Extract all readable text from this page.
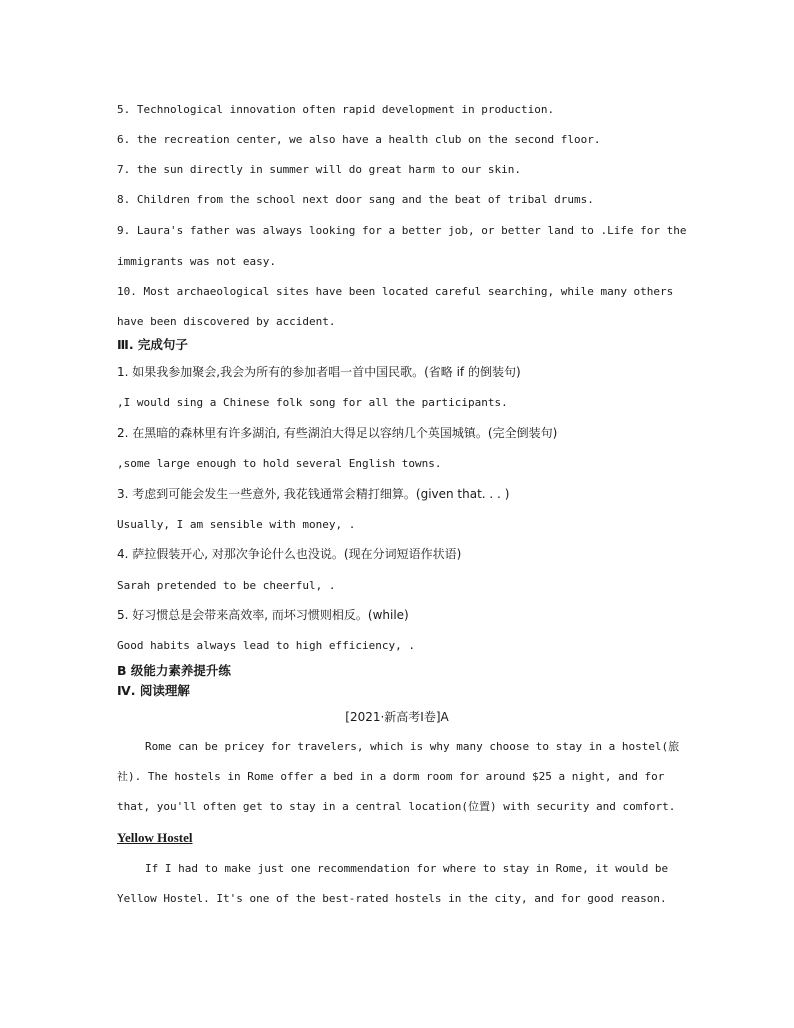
5. Technological innovation often rapid development in production.
6. the recreation center, we also have a health club on the second floor.
7. the sun directly in summer will do great harm to our skin.
8. Children from the school next door sang and the beat of tribal drums.
9. Laura's father was always looking for a better job, or better land to .Life for the
immigrants was not easy.
10. Most archaeological sites have been located careful searching, while many others
have been discovered by accident.
Ⅲ. 完成句子
1. 如果我参加聚会,我会为所有的参加者唱一首中国民歌。(省略 if 的倒装句)
,I would sing a Chinese folk song for all the participants.
2. 在黑暗的森林里有许多湖泊, 有些湖泊大得足以容纳几个英国城镇。(完全倒装句)
,some large enough to hold several English towns.
3. 考虑到可能会发生一些意外, 我花钱通常会精打细算。(given that. . . )
Usually, I am sensible with money, .
4. 萨拉假装开心, 对那次争论什么也没说。(现在分词短语作状语)
Sarah pretended to be cheerful, .
5. 好习惯总是会带来高效率, 而坏习惯则相反。(while)
Good habits always lead to high efficiency, .
B 级能力素养提升练
Ⅳ. 阅读理解
[2021·新高考Ⅰ卷]A
Rome can be pricey for travelers, which is why many choose to stay in a hostel(旅
社). The hostels in Rome offer a bed in a dorm room for around $25 a night, and for
that, you'll often get to stay in a central location(位置) with security and comfort.
Yellow Hostel
If I had to make just one recommendation for where to stay in Rome, it would be
Yellow Hostel. It's one of the best-rated hostels in the city, and for good reason.
